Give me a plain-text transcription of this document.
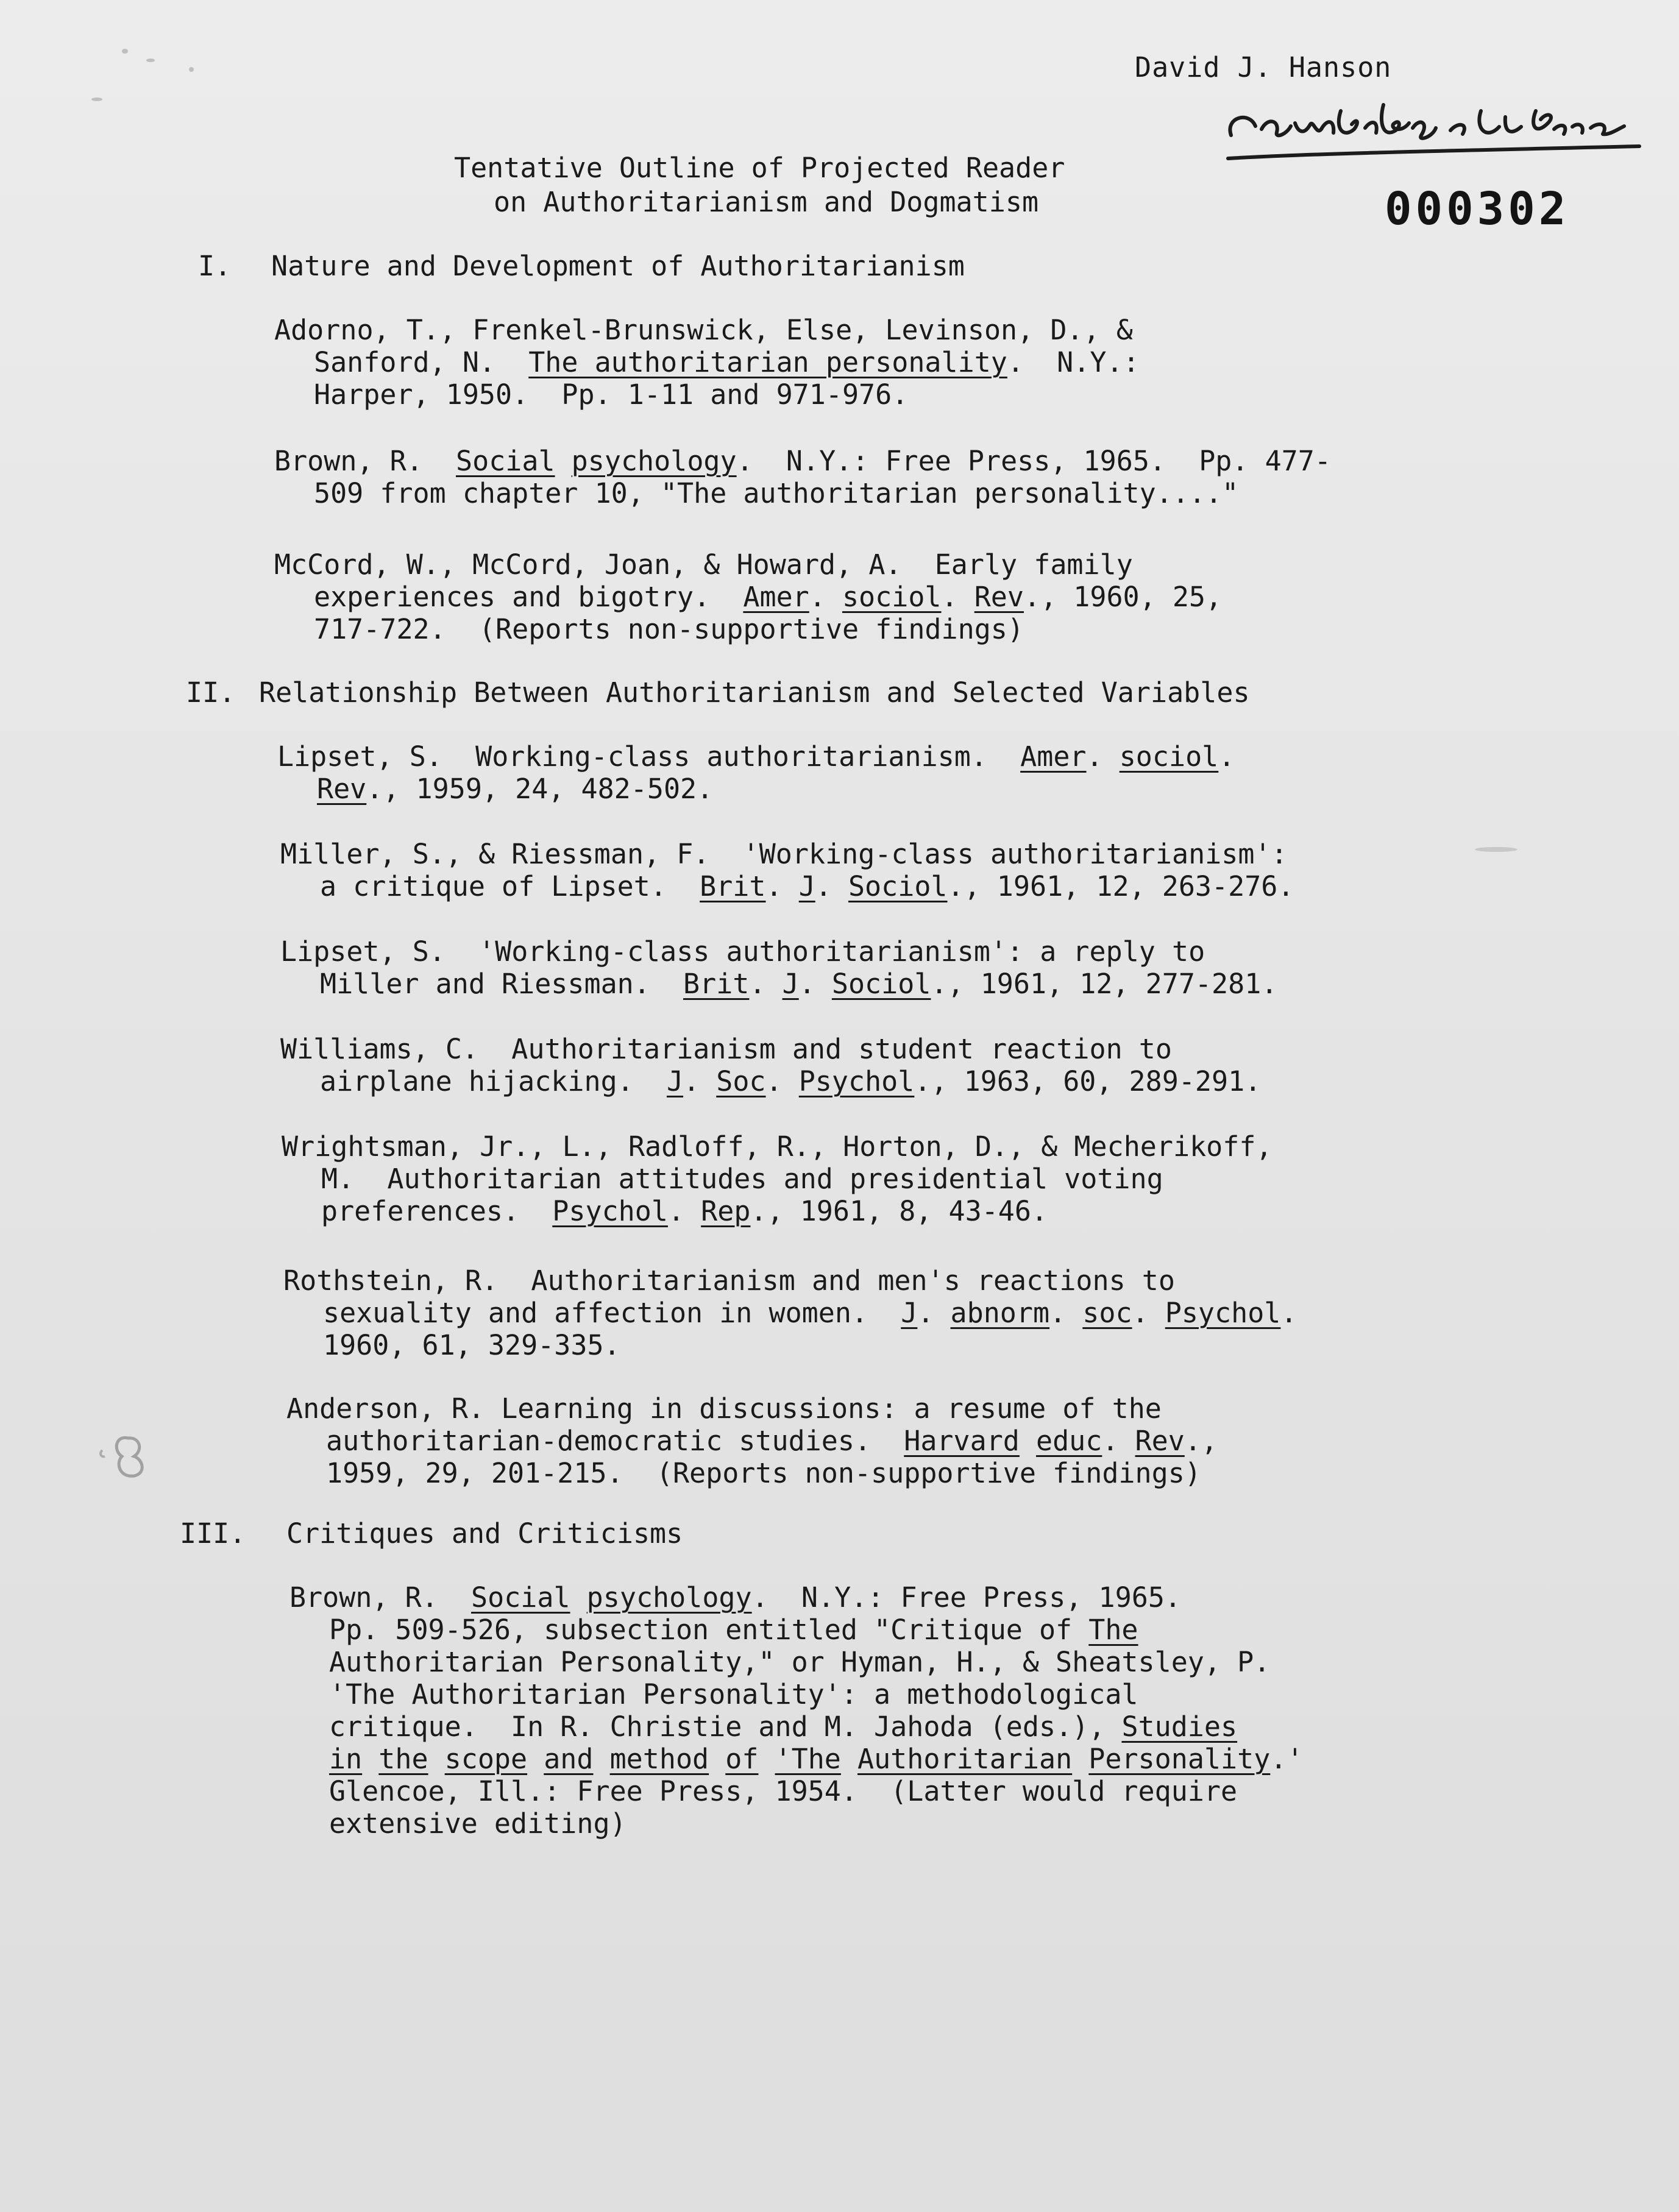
David J. Hanson
Cambridge U. Press
000302
Tentative Outline of Projected Reader
on Authoritarianism and Dogmatism
I. Nature and Development of Authoritarianism
Adorno, T., Frenkel-Brunswick, Else, Levinson, D., &
Sanford, N.  The authoritarian personality.  N.Y.:
Harper, 1950.  Pp. 1-11 and 971-976.
Brown, R.  Social psychology.  N.Y.: Free Press, 1965.  Pp. 477-
509 from chapter 10, "The authoritarian personality...."
McCord, W., McCord, Joan, & Howard, A.  Early family
experiences and bigotry.  Amer. sociol. Rev., 1960, 25,
717-722.  (Reports non-supportive findings)
II. Relationship Between Authoritarianism and Selected Variables
Lipset, S.  Working-class authoritarianism.  Amer. sociol.
Rev., 1959, 24, 482-502.
Miller, S., & Riessman, F.  'Working-class authoritarianism':
a critique of Lipset.  Brit. J. Sociol., 1961, 12, 263-276.
Lipset, S.  'Working-class authoritarianism': a reply to
Miller and Riessman.  Brit. J. Sociol., 1961, 12, 277-281.
Williams, C.  Authoritarianism and student reaction to
airplane hijacking.  J. Soc. Psychol., 1963, 60, 289-291.
Wrightsman, Jr., L., Radloff, R., Horton, D., & Mecherikoff,
M.  Authoritarian attitudes and presidential voting
preferences.  Psychol. Rep., 1961, 8, 43-46.
Rothstein, R.  Authoritarianism and men's reactions to
sexuality and affection in women.  J. abnorm. soc. Psychol.
1960, 61, 329-335.
Anderson, R. Learning in discussions: a resume of the
authoritarian-democratic studies.  Harvard educ. Rev.,
1959, 29, 201-215.  (Reports non-supportive findings)
III. Critiques and Criticisms
Brown, R.  Social psychology.  N.Y.: Free Press, 1965.
Pp. 509-526, subsection entitled "Critique of The
Authoritarian Personality," or Hyman, H., & Sheatsley, P.
'The Authoritarian Personality': a methodological
critique.  In R. Christie and M. Jahoda (eds.), Studies
in the scope and method of 'The Authoritarian Personality.'
Glencoe, Ill.: Free Press, 1954.  (Latter would require
extensive editing)
